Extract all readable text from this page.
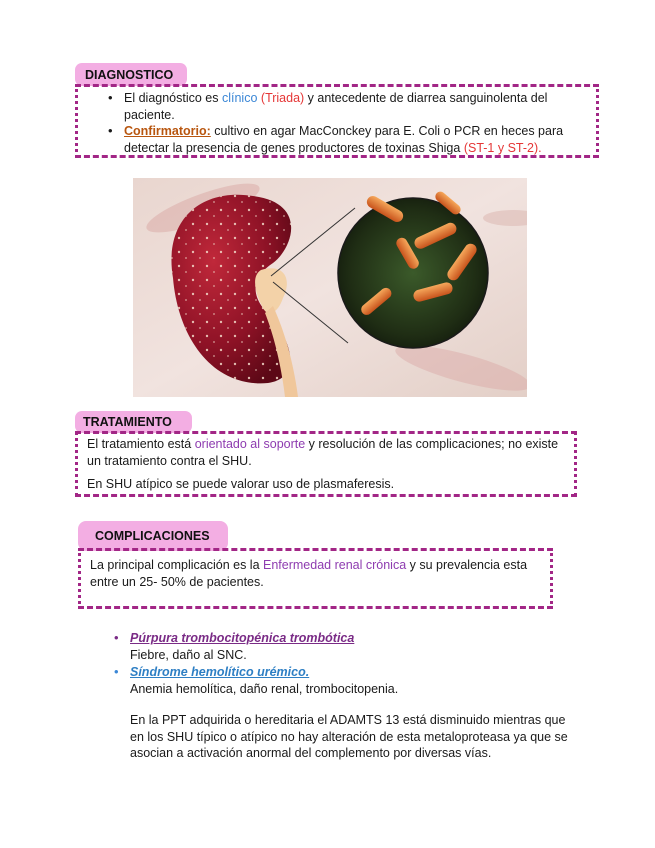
DIAGNOSTICO
• El diagnóstico es clínico (Triada) y antecedente de diarrea sanguinolenta del paciente.
• Confirmatorio: cultivo en agar MacConckey para E. Coli o PCR en heces para detectar la presencia de genes productores de toxinas Shiga (ST-1 y ST-2).
TRATAMIENTO
El tratamiento está orientado al soporte y resolución de las complicaciones; no existe un tratamiento contra el SHU.
En SHU atípico se puede valorar uso de plasmaferesis.
COMPLICACIONES
La principal complicación es la Enfermedad renal crónica y su prevalencia esta entre un 25- 50% de pacientes.
• Púrpura trombocitopénica trombótica
Fiebre, daño al SNC.
• Síndrome hemolítico urémico.
Anemia hemolítica, daño renal, trombocitopenia.
En la PPT adquirida o hereditaria el ADAMTS 13 está disminuido mientras que en los SHU típico o atípico no hay alteración de esta metaloproteasa ya que se asocian a activación anormal del complemento por diversas vías.
